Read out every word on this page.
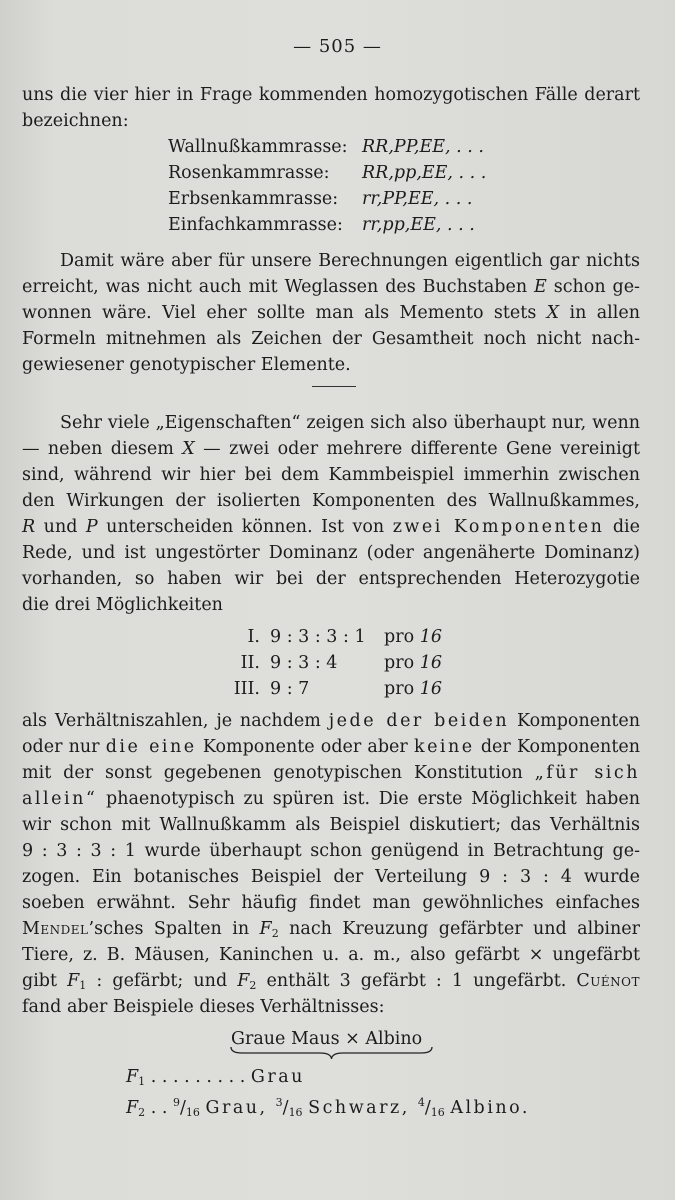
— 505 —
uns die vier hier in Frage kommenden homozygotischen Fälle derart
bezeichnen:
Wallnußkammrasse: RR,PP,EE, . . .
Rosenkammrasse: RR,pp,EE, . . .
Erbsenkammrasse: rr,PP,EE, . . .
Einfachkammrasse: rr,pp,EE, . . .
Damit wäre aber für unsere Berechnungen eigentlich gar nichts
erreicht, was nicht auch mit Weglassen des Buchstaben E schon ge-
wonnen wäre. Viel eher sollte man als Memento stets X in allen
Formeln mitnehmen als Zeichen der Gesamtheit noch nicht nach-
gewiesener genotypischer Elemente.
Sehr viele „Eigenschaften“ zeigen sich also überhaupt nur, wenn
— neben diesem X — zwei oder mehrere differente Gene vereinigt
sind, während wir hier bei dem Kammbeispiel immerhin zwischen
den Wirkungen der isolierten Komponenten des Wallnußkammes,
R und P unterscheiden können. Ist von zwei Komponenten die
Rede, und ist ungestörter Dominanz (oder angenäherte Dominanz)
vorhanden, so haben wir bei der entsprechenden Heterozygotie
die drei Möglichkeiten
I. 9 : 3 : 3 : 1 pro 16
II. 9 : 3 : 4	pro 16
III. 9 : 7	pro 16
als Verhältniszahlen, je nachdem jede der beiden Komponenten
oder nur die eine Komponente oder aber keine der Komponenten
mit der sonst gegebenen genotypischen Konstitution „für sich
allein“ phaenotypisch zu spüren ist. Die erste Möglichkeit haben
wir schon mit Wallnußkamm als Beispiel diskutiert; das Verhältnis
9 : 3 : 3 : 1 wurde überhaupt schon genügend in Betrachtung ge-
zogen. Ein botanisches Beispiel der Verteilung 9 : 3 : 4 wurde
soeben erwähnt. Sehr häufig findet man gewöhnliches einfaches
Mendel’sches Spalten in $F_2$ nach Kreuzung gefärbter und albiner
Tiere, z. B. Mäusen, Kaninchen u. a. m., also gefärbt × ungefärbt
gibt $F_1$ : gefärbt; und $F_2$ enthält 3 gefärbt : 1 ungefärbt. Cuénot
fand aber Beispiele dieses Verhältnisses:
Graue Maus × Albino
$F_1$ . . . . . . . . . Grau
$F_2$ . . $^9/_{16}$ Grau, $^3/_{16}$ Schwarz, $^4/_{16}$ Albino.
